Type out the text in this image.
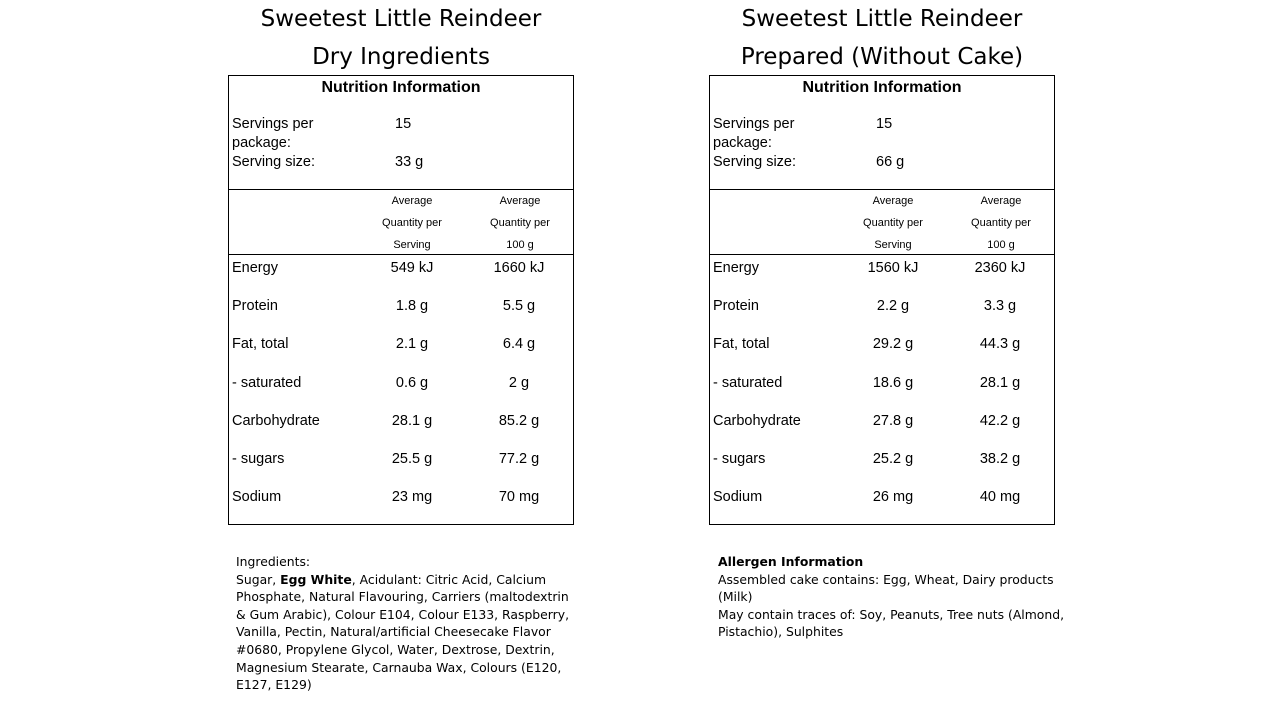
Sweetest Little Reindeer
Dry Ingredients
Nutrition Information
Servings per package:
15
Serving size:	33 g
Average
Quantity per
Serving
Average
Quantity per
100 g
Energy	549 kJ	1660 kJ
Protein	1.8 g	5.5 g
Fat, total	2.1 g	6.4 g
- saturated	0.6 g	2 g
Carbohydrate	28.1 g	85.2 g
- sugars	25.5 g	77.2 g
Sodium	23 mg	70 mg
Sweetest Little Reindeer
Prepared (Without Cake)
Nutrition Information
Servings per package:
15
Serving size:	66 g
Average
Quantity per
Serving
Average
Quantity per
100 g
Energy	1560 kJ	2360 kJ
Protein	2.2 g	3.3 g
Fat, total	29.2 g	44.3 g
- saturated	18.6 g	28.1 g
Carbohydrate	27.8 g	42.2 g
- sugars	25.2 g	38.2 g
Sodium	26 mg	40 mg
Ingredients:
Sugar, Egg White, Acidulant: Citric Acid, Calcium Phosphate, Natural Flavouring, Carriers (maltodextrin & Gum Arabic), Colour E104, Colour E133, Raspberry, Vanilla, Pectin, Natural/artificial Cheesecake Flavor #0680, Propylene Glycol, Water, Dextrose, Dextrin, Magnesium Stearate, Carnauba Wax, Colours (E120, E127, E129)
Allergen Information
Assembled cake contains: Egg, Wheat, Dairy products (Milk)
May contain traces of: Soy, Peanuts, Tree nuts (Almond, Pistachio), Sulphites
